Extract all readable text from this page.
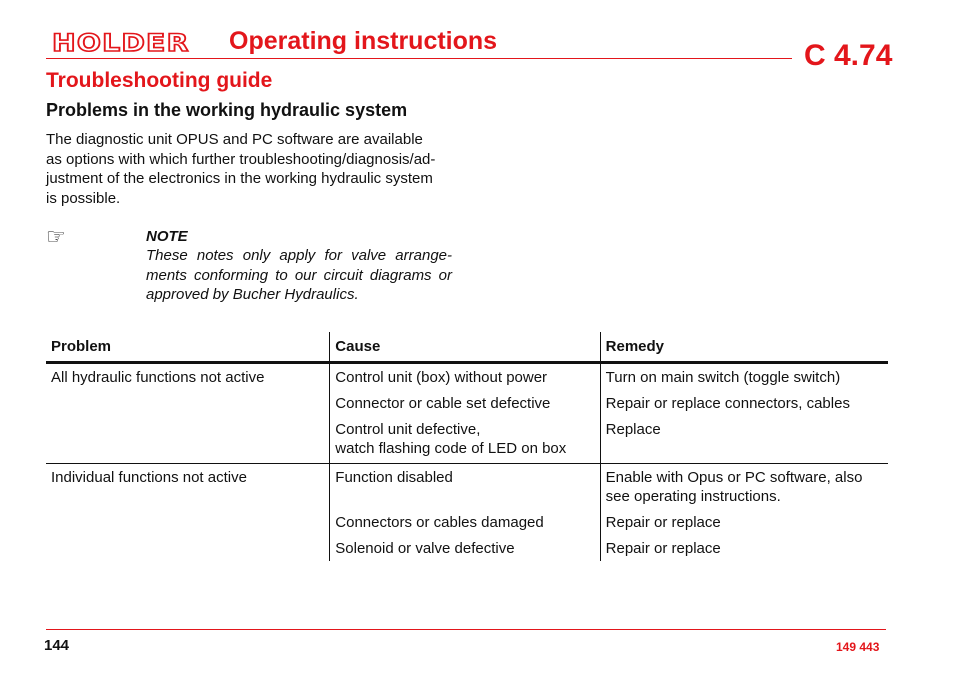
HOLDER Operating instructions	C 4.74
Troubleshooting guide
Problems in the working hydraulic system
The diagnostic unit OPUS and PC software are available
as options with which further troubleshooting/diagnosis/ad-
justment of the electronics in the working hydraulic system
is possible.
☞	NOTE
These notes only apply for valve arrange-ments conforming to our circuit diagrams or approved by Bucher Hydraulics.
Problem	Cause	Remedy
All hydraulic functions not active	Control unit (box) without power	Turn on main switch (toggle switch)

	Connector or cable set defective	Repair or replace connectors, cables

	Control unit defective,
watch flashing code of LED on box	Replace

Individual functions not active	Function disabled	Enable with Opus or PC software, also
see operating instructions.

	Connectors or cables damaged	Repair or replace

	Solenoid or valve defective	Repair or replace
144	149 443
